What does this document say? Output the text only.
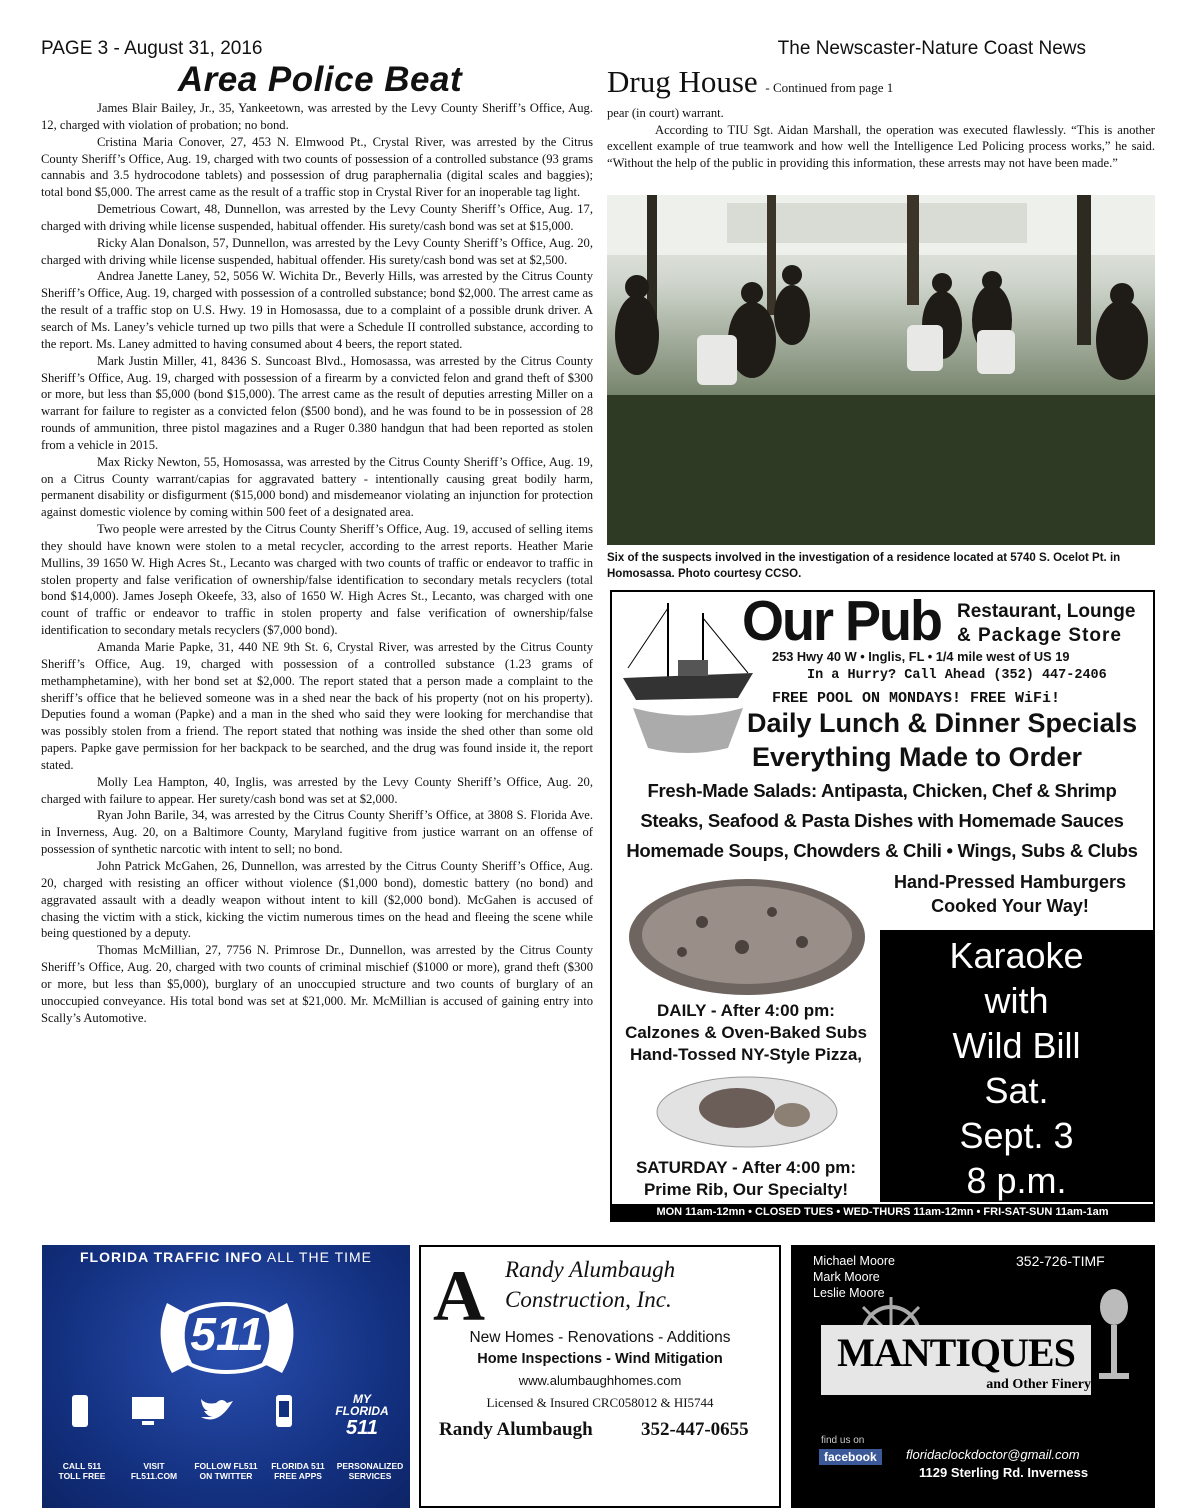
PAGE 3 - August 31, 2016	The Newscaster-Nature Coast News
Area Police Beat

James Blair Bailey, Jr., 35, Yankeetown, was arrested by the Levy County Sheriff’s Office, Aug. 12, charged with violation of probation; no bond.

Cristina Maria Conover, 27, 453 N. Elmwood Pt., Crystal River, was arrested by the Citrus County Sheriff’s Office, Aug. 19, charged with two counts of possession of a controlled substance (93 grams cannabis and 3.5 hydrocodone tablets) and possession of drug paraphernalia (digital scales and baggies); total bond $5,000. The arrest came as the result of a traffic stop in Crystal River for an inoperable tag light.

Demetrious Cowart, 48, Dunnellon, was arrested by the Levy County Sheriff’s Office, Aug. 17, charged with driving while license suspended, habitual offender. His surety/cash bond was set at $15,000.

Ricky Alan Donalson, 57, Dunnellon, was arrested by the Levy County Sheriff’s Office, Aug. 20, charged with driving while license suspended, habitual offender. His surety/cash bond was set at $2,500.

Andrea Janette Laney, 52, 5056 W. Wichita Dr., Beverly Hills, was arrested by the Citrus County Sheriff’s Office, Aug. 19, charged with possession of a controlled substance; bond $2,000. The arrest came as the result of a traffic stop on U.S. Hwy. 19 in Homosassa, due to a complaint of a possible drunk driver. A search of Ms. Laney’s vehicle turned up two pills that were a Schedule II controlled substance, according to the report. Ms. Laney admitted to having consumed about 4 beers, the report stated.

Mark Justin Miller, 41, 8436 S. Suncoast Blvd., Homosassa, was arrested by the Citrus County Sheriff’s Office, Aug. 19, charged with possession of a firearm by a convicted felon and grand theft of $300 or more, but less than $5,000 (bond $15,000). The arrest came as the result of deputies arresting Miller on a warrant for failure to register as a convicted felon ($500 bond), and he was found to be in possession of 28 rounds of ammunition, three pistol magazines and a Ruger 0.380 handgun that had been reported as stolen from a vehicle in 2015.

Max Ricky Newton, 55, Homosassa, was arrested by the Citrus County Sheriff’s Office, Aug. 19, on a Citrus County warrant/capias for aggravated battery - intentionally causing great bodily harm, permanent disability or disfigurment ($15,000 bond) and misdemeanor violating an injunction for protection against domestic violence by coming within 500 feet of a designated area.

Two people were arrested by the Citrus County Sheriff’s Office, Aug. 19, accused of selling items they should have known were stolen to a metal recycler, according to the arrest reports. Heather Marie Mullins, 39 1650 W. High Acres St., Lecanto was charged with two counts of traffic or endeavor to traffic in stolen property and false verification of ownership/false identification to secondary metals recyclers (total bond $14,000). James Joseph Okeefe, 33, also of 1650 W. High Acres St., Lecanto, was charged with one count of traffic or endeavor to traffic in stolen property and false verification of ownership/false identification to secondary metals recyclers ($7,000 bond).

Amanda Marie Papke, 31, 440 NE 9th St. 6, Crystal River, was arrested by the Citrus County Sheriff’s Office, Aug. 19, charged with possession of a controlled substance (1.23 grams of methamphetamine), with her bond set at $2,000. The report stated that a person made a complaint to the sheriff’s office that he believed someone was in a shed near the back of his property (not on his property). Deputies found a woman (Papke) and a man in the shed who said they were looking for merchandise that was possibly stolen from a friend. The report stated that nothing was inside the shed other than some old papers. Papke gave permission for her backpack to be searched, and the drug was found inside it, the report stated.

Molly Lea Hampton, 40, Inglis, was arrested by the Levy County Sheriff’s Office, Aug. 20, charged with failure to appear. Her surety/cash bond was set at $2,000.

Ryan John Barile, 34, was arrested by the Citrus County Sheriff’s Office, at 3808 S. Florida Ave. in Inverness, Aug. 20, on a Baltimore County, Maryland fugitive from justice warrant on an offense of possession of synthetic narcotic with intent to sell; no bond.

John Patrick McGahen, 26, Dunnellon, was arrested by the Citrus County Sheriff’s Office, Aug. 20, charged with resisting an officer without violence ($1,000 bond), domestic battery (no bond) and aggravated assault with a deadly weapon without intent to kill ($2,000 bond). McGahen is accused of chasing the victim with a stick, kicking the victim numerous times on the head and fleeing the scene while being questioned by a deputy.

Thomas McMillian, 27, 7756 N. Primrose Dr., Dunnellon, was arrested by the Citrus County Sheriff’s Office, Aug. 20, charged with two counts of criminal mischief ($1000 or more), grand theft ($300 or more, but less than $5,000), burglary of an unoccupied structure and two counts of burglary of an unoccupied conveyance. His total bond was set at $21,000. Mr. McMillian is accused of gaining entry into Scally’s Automotive.

Drug House - Continued from page 1

pear (in court) warrant.

According to TIU Sgt. Aidan Marshall, the operation was executed flawlessly. “This is another excellent example of true teamwork and how well the Intelligence Led Policing process works,” he said. “Without the help of the public in providing this information, these arrests may not have been made.”

Six of the suspects involved in the investigation of a residence located at 5740 S. Ocelot Pt. in Homosassa. Photo courtesy CCSO.
Our Pub Restaurant, Lounge
& Package Store
253 Hwy 40 W • Inglis, FL • 1/4 mile west of US 19
In a Hurry? Call Ahead (352) 447-2406
FREE POOL ON MONDAYS! FREE WiFi!
Daily Lunch & Dinner Specials
Everything Made to Order
Fresh-Made Salads: Antipasta, Chicken, Chef & Shrimp
Steaks, Seafood & Pasta Dishes with Homemade Sauces
Homemade Soups, Chowders & Chili • Wings, Subs & Clubs
Hand-Pressed Hamburgers
Cooked Your Way!
DAILY - After 4:00 pm:
Calzones & Oven-Baked Subs
Hand-Tossed NY-Style Pizza,
SATURDAY - After 4:00 pm:
Prime Rib, Our Specialty!
Karaoke
with
Wild Bill
Sat.
Sept. 3
8 p.m.
MON 11am-12mn • CLOSED TUES • WED-THURS 11am-12mn • FRI-SAT-SUN 11am-1am
FLORIDA TRAFFIC INFO ALL THE TIME
511
MY FLORIDA
511
CALL 511
TOLL FREE
VISIT
FL511.COM
FOLLOW FL511
ON TWITTER
FLORIDA 511
FREE APPS
PERSONALIZED
SERVICES
A Randy Alumbaugh
Construction, Inc.
New Homes - Renovations - Additions
Home Inspections - Wind Mitigation
www.alumbaughhomes.com
Licensed & Insured CRC058012 & HI5744
Randy Alumbaugh	352-447-0655
Michael Moore
Mark Moore
Leslie Moore
352-726-TIMF
MANTIQUES
and Other Finery
find us on
facebook	floridaclockdoctor@gmail.com
1129 Sterling Rd. Inverness
